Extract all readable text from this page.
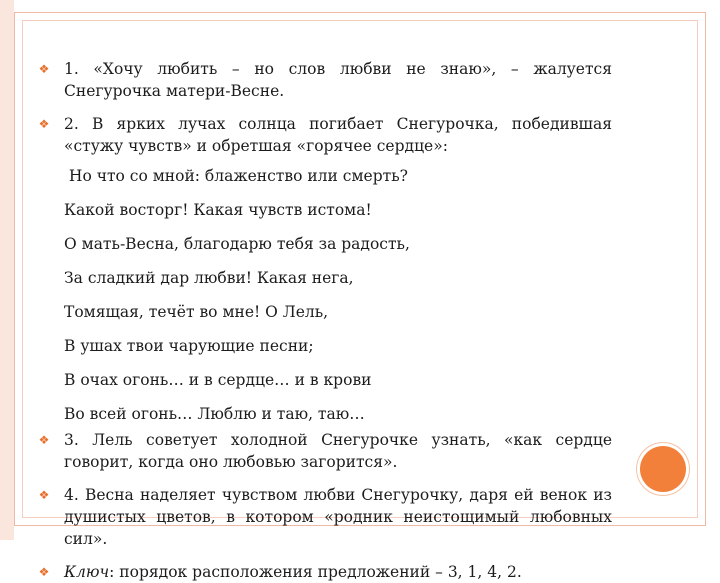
❖ 1. «Хочу любить – но слов любви не знаю», – жалуется Снегурочка матери-Весне.
❖ 2. В ярких лучах солнца погибает Снегурочка, победившая «стужу чувств» и обретшая «горячее сердце»:
Но что со мной: блаженство или смерть?
Какой восторг! Какая чувств истома!
О мать-Весна, благодарю тебя за радость,
За сладкий дар любви! Какая нега,
Томящая, течёт во мне! О Лель,
В ушах твои чарующие песни;
В очах огонь… и в сердце… и в крови
Во всей огонь… Люблю и таю, таю…
❖ 3. Лель советует холодной Снегурочке узнать, «как сердце говорит, когда оно любовью загорится».
❖ 4. Весна наделяет чувством любви Снегурочку, даря ей венок из душистых цветов, в котором «родник неистощимый любовных сил».
❖ Ключ: порядок расположения предложений – 3, 1, 4, 2.
